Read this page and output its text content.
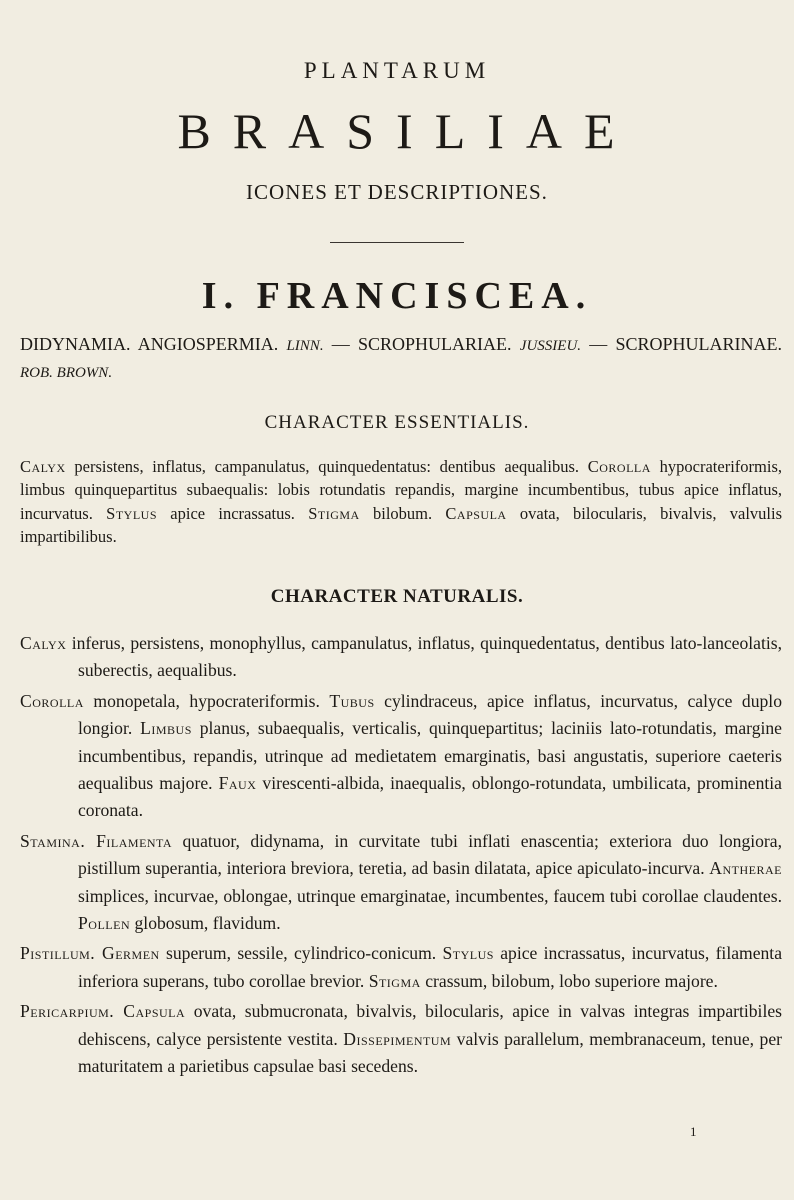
PLANTARUM
BRASILIAE
ICONES ET DESCRIPTIONES.
I. FRANCISCEA.
DIDYNAMIA. ANGIOSPERMIA. LINN. — SCROPHULARIAE. JUSSIEU. — SCROPHULARINAE. ROB. BROWN.
CHARACTER ESSENTIALIS.
Calyx persistens, inflatus, campanulatus, quinquedentatus: dentibus aequalibus. Corolla hypocrateriformis, limbus quinquepartitus subaequalis: lobis rotundatis repandis, margine incumbentibus, tubus apice inflatus, incurvatus. Stylus apice incrassatus. Stigma bilobum. Capsula ovata, bilocularis, bivalvis, valvulis impartibilibus.
CHARACTER NATURALIS.

Calyx inferus, persistens, monophyllus, campanulatus, inflatus, quinquedentatus, dentibus lato-lanceolatis, suberectis, aequalibus.

Corolla monopetala, hypocrateriformis. Tubus cylindraceus, apice inflatus, incurvatus, calyce duplo longior. Limbus planus, subaequalis, verticalis, quinquepartitus; laciniis lato-rotundatis, margine incumbentibus, repandis, utrinque ad medietatem emarginatis, basi angustatis, superiore caeteris aequalibus majore. Faux virescenti-albida, inaequalis, oblongo-rotundata, umbilicata, prominentia coronata.

Stamina. Filamenta quatuor, didynama, in curvitate tubi inflati enascentia; exteriora duo longiora, pistillum superantia, interiora breviora, teretia, ad basin dilatata, apice apiculato-incurva. Antherae simplices, incurvae, oblongae, utrinque emarginatae, incumbentes, faucem tubi corollae claudentes. Pollen globosum, flavidum.

Pistillum. Germen superum, sessile, cylindrico-conicum. Stylus apice incrassatus, incurvatus, filamenta inferiora superans, tubo corollae brevior. Stigma crassum, bilobum, lobo superiore majore.

Pericarpium. Capsula ovata, submucronata, bivalvis, bilocularis, apice in valvas integras impartibiles dehiscens, calyce persistente vestita. Dissepimentum valvis parallelum, membranaceum, tenue, per maturitatem a parietibus capsulae basi secedens.

1
